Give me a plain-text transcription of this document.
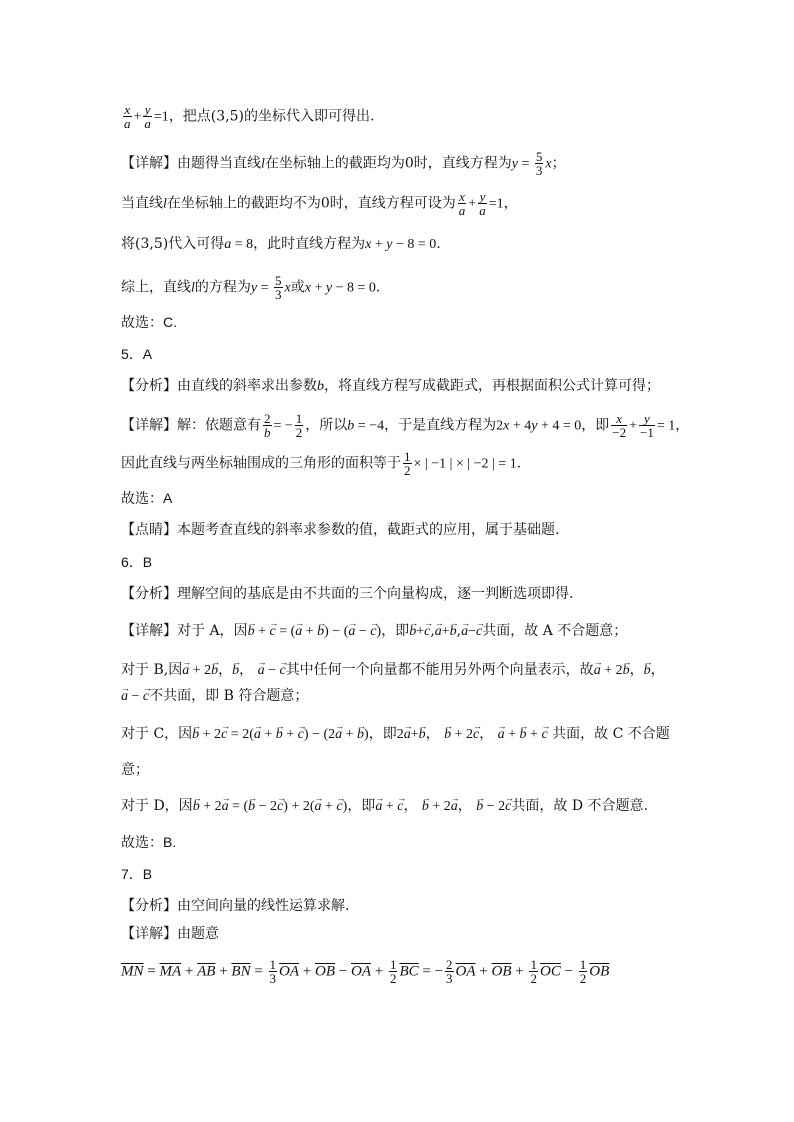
$\frac{x}{a} + \frac{y}{a} =1$，把点(3,5)的坐标代入即可得出.
【详解】由题得当直线l在坐标轴上的截距均为0时，直线方程为$y = \frac{5}{3}$ x；
当直线l在坐标轴上的截距均不为0时，直线方程可设为 $\frac{x}{a} + \frac{y}{a} =1$，
将(3,5)代入可得a = 8，此时直线方程为x + y − 8 = 0.
综上，直线l的方程为$y = \frac{5}{3}$ x或x + y − 8 = 0.
故选：C.
5．A
【分析】由直线的斜率求出参数b，将直线方程写成截距式，再根据面积公式计算可得；
【详解】解：依题意有 $\frac{2}{b}$ = − $\frac{1}{2}$ ，所以b = −4，于是直线方程为2x + 4y + 4 = 0，即 $\frac{x}{-2} + \frac{y}{-1} = 1$，
因此直线与两坐标轴围成的三角形的面积等于 $\frac{1}{2}$ × | −1 | × | −2 | = 1.
故选：A
【点睛】本题考查直线的斜率求参数的值，截距式的应用，属于基础题.
6．B
【分析】理解空间的基底是由不共面的三个向量构成，逐一判断选项即得.
【详解】对于 A，因→ b + → c = (→ a + → b) − (→ a − → c)，即→ b+→ c,→ a+→ b,→ a−→ c共面，故 A 不合题意；
对于 B,因→ a + 2→ b，→ b， → a − → c其中任何一个向量都不能用另外两个向量表示，故→ a + 2→ b，→ b，
→ a − → c不共面，即 B 符合题意；
对于 C，因→ b + 2→ c = 2(→ a + → b + → c) − (2→ a + → b)，即2→ a+→ b， → b + 2→ c， → a + → b + → c 共面，故 C 不合题
意；
对于 D，因→ b + 2→ a = (→ b − 2→ c) + 2(→ a + → c)，即→ a + → c， → b + 2→ a， → b − 2→ c共面，故 D 不合题意.
故选：B.
7．B
【分析】由空间向量的线性运算求解.
【详解】由题意
$\overline{MN} = \overline{MA} + \overline{AB} + \overline{BN} = \frac{1}{3} \overline{OA} + \overline{OB} - \overline{OA} + \frac{1}{2} \overline{BC}$ = − $\frac{2}{3} \overline{OA} + \overline{OB} + \frac{1}{2} \overline{OC} - \frac{1}{2} \overline{OB}$
